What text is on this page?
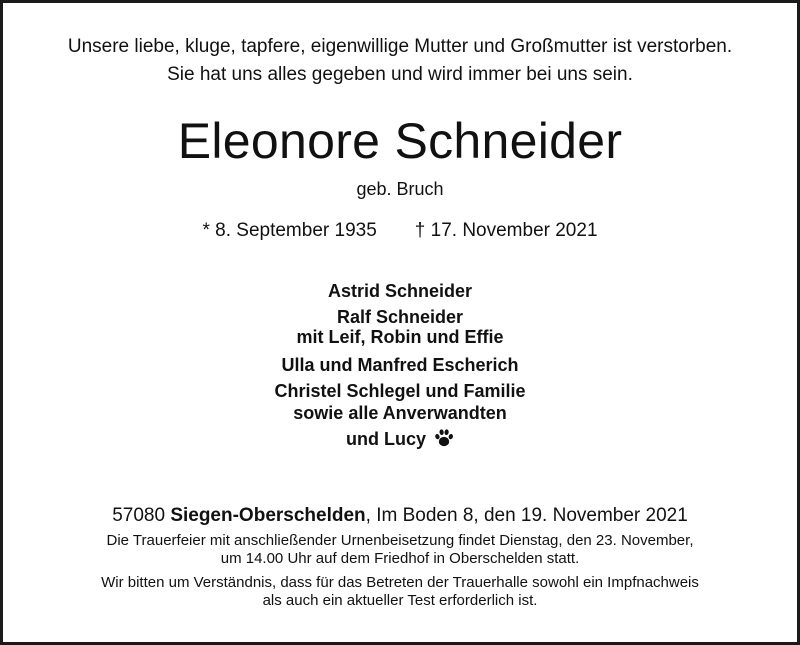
Unsere liebe, kluge, tapfere, eigenwillige Mutter und Großmutter ist verstorben.
Sie hat uns alles gegeben und wird immer bei uns sein.
Eleonore Schneider
geb. Bruch
* 8. September 1935 † 17. November 2021
Astrid Schneider
Ralf Schneider
mit Leif, Robin und Effie
Ulla und Manfred Escherich
Christel Schlegel und Familie
sowie alle Anverwandten
und Lucy
57080 Siegen-Oberschelden, Im Boden 8, den 19. November 2021
Die Trauerfeier mit anschließender Urnenbeisetzung findet Dienstag, den 23. November,
um 14.00 Uhr auf dem Friedhof in Oberschelden statt.
Wir bitten um Verständnis, dass für das Betreten der Trauerhalle sowohl ein Impfnachweis
als auch ein aktueller Test erforderlich ist.
